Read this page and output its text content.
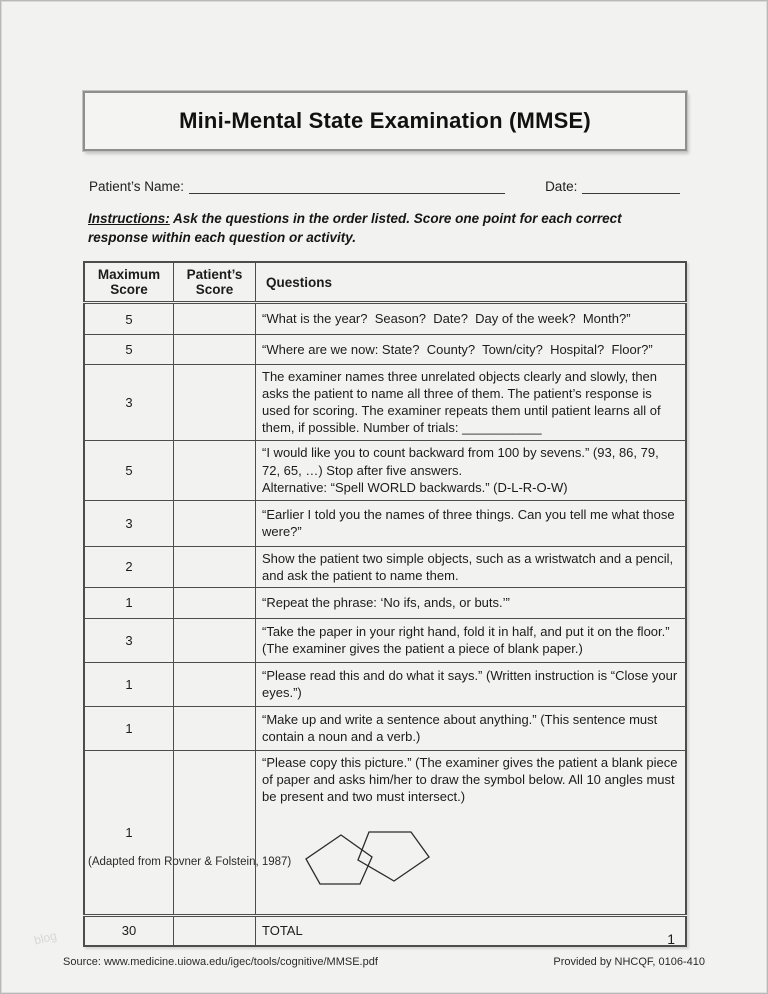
Mini-Mental State Examination (MMSE)
Patient’s Name:	Date:

Instructions: Ask the questions in the order listed. Score one point for each correct response within each question or activity.

Maximum Score	Patient’s Score	Questions
5		“What is the year?  Season?  Date?  Day of the week?  Month?”

5		“Where are we now: State?  County?  Town/city?  Hospital?  Floor?”

3		The examiner names three unrelated objects clearly and slowly, then asks the patient to name all three of them. The patient’s response is used for scoring. The examiner repeats them until patient learns all of them, if possible. Number of trials: ___________

5		“I would like you to count backward from 100 by sevens.” (93, 86, 79, 72, 65, …) Stop after five answers.
Alternative: “Spell WORLD backwards.” (D-L-R-O-W)

3		“Earlier I told you the names of three things. Can you tell me what those were?”

2		Show the patient two simple objects, such as a wristwatch and a pencil, and ask the patient to name them.

1		“Repeat the phrase: ‘No ifs, ands, or buts.’”

3		“Take the paper in your right hand, fold it in half, and put it on the floor.” (The examiner gives the patient a piece of blank paper.)

1		“Please read this and do what it says.” (Written instruction is “Close your eyes.”)

1		“Make up and write a sentence about anything.” (This sentence must contain a noun and a verb.)

1		“Please copy this picture.” (The examiner gives the patient a blank piece of paper and asks him/her to draw the symbol below. All 10 angles must be present and two must intersect.)

30		TOTAL
(Adapted from Rovner & Folstein, 1987)
blog	1
Source: www.medicine.uiowa.edu/igec/tools/cognitive/MMSE.pdf	Provided by NHCQF, 0106-410
